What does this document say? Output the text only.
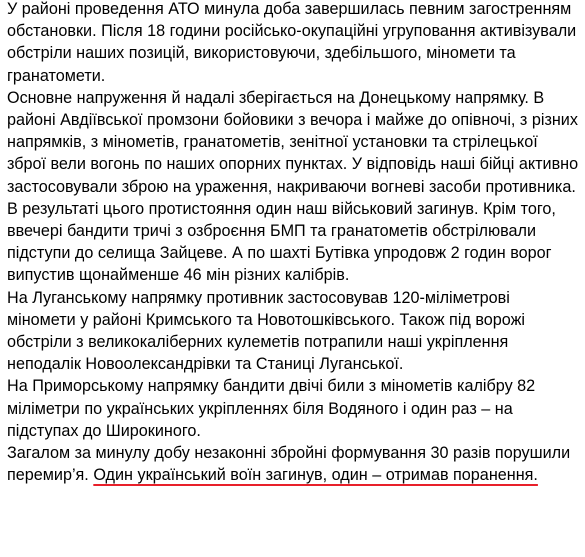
У районі проведення АТО минула доба завершилась певним загостренням обстановки. Після 18 години російсько-окупаційні угруповання активізували обстріли наших позицій, використовуючи, здебільшого, міномети та гранатомети.

Основне напруження й надалі зберігається на Донецькому напрямку. В районі Авдіївської промзони бойовики з вечора і майже до опівночі, з різних напрямків, з мінометів, гранатометів, зенітної установки та стрілецької зброї вели вогонь по наших опорних пунктах. У відповідь наші бійці активно застосовували зброю на ураження, накриваючи вогневі засоби противника. В результаті цього протистояння один наш військовий загинув. Крім того, ввечері бандити тричі з озброєння БМП та гранатометів обстрілювали підступи до селища Зайцеве. А по шахті Бутівка упродовж 2 годин ворог випустив щонайменше 46 мін різних калібрів.

На Луганському напрямку противник застосовував 120-міліметрові міномети у районі Кримського та Новотошківського. Також під ворожі обстріли з великокаліберних кулеметів потрапили наші укріплення неподалік Новоолександрівки та Станиці Луганської.

На Приморському напрямку бандити двічі били з мінометів калібру 82 міліметри по українських укріпленнях біля Водяного і один раз – на підступах до Широкиного.

Загалом за минулу добу незаконні збройні формування 30 разів порушили перемир’я. Один український воїн загинув, один – отримав поранення.
